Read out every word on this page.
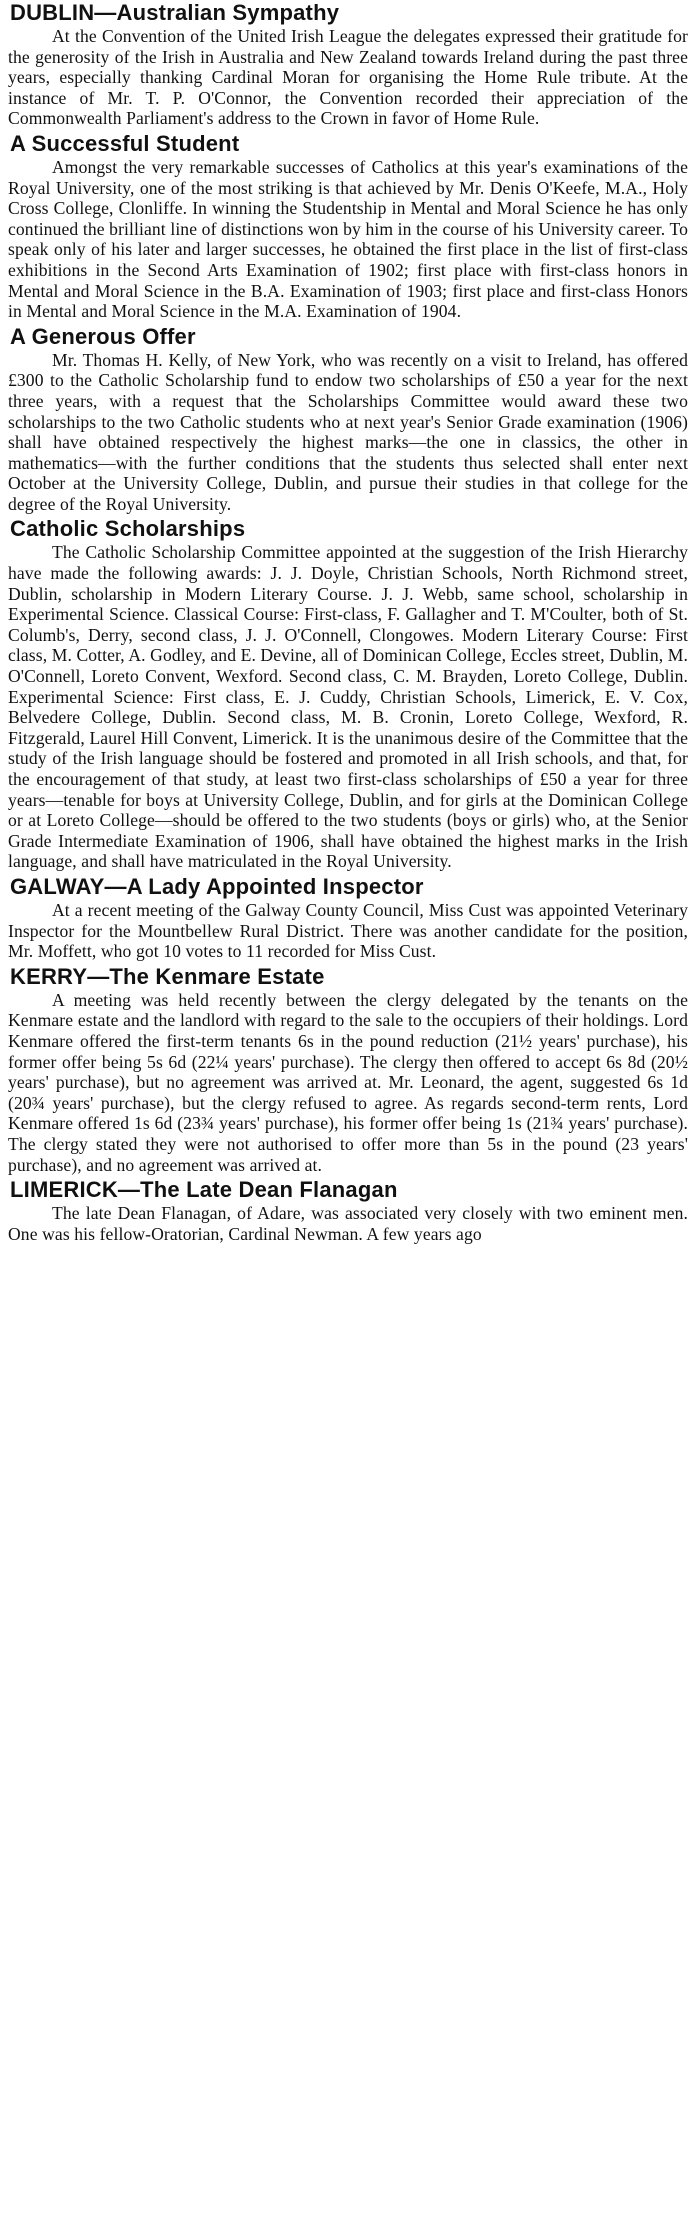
DUBLIN—Australian Sympathy

At the Convention of the United Irish League the delegates expressed their gratitude for the generosity of the Irish in Australia and New Zealand towards Ireland during the past three years, especially thanking Cardinal Moran for organising the Home Rule tribute. At the instance of Mr. T. P. O'Connor, the Convention recorded their appreciation of the Commonwealth Parliament's address to the Crown in favor of Home Rule.

A Successful Student

Amongst the very remarkable successes of Catholics at this year's examinations of the Royal University, one of the most striking is that achieved by Mr. Denis O'Keefe, M.A., Holy Cross College, Clonliffe. In winning the Studentship in Mental and Moral Science he has only continued the brilliant line of distinctions won by him in the course of his University career. To speak only of his later and larger successes, he obtained the first place in the list of first-class exhibitions in the Second Arts Examination of 1902; first place with first-class honors in Mental and Moral Science in the B.A. Examination of 1903; first place and first-class Honors in Mental and Moral Science in the M.A. Examination of 1904.

A Generous Offer

Mr. Thomas H. Kelly, of New York, who was recently on a visit to Ireland, has offered £300 to the Catholic Scholarship fund to endow two scholarships of £50 a year for the next three years, with a request that the Scholarships Committee would award these two scholarships to the two Catholic students who at next year's Senior Grade examination (1906) shall have obtained respectively the highest marks—the one in classics, the other in mathematics—with the further conditions that the students thus selected shall enter next October at the University College, Dublin, and pursue their studies in that college for the degree of the Royal University.

Catholic Scholarships

The Catholic Scholarship Committee appointed at the suggestion of the Irish Hierarchy have made the following awards: J. J. Doyle, Christian Schools, North Richmond street, Dublin, scholarship in Modern Literary Course. J. J. Webb, same school, scholarship in Experimental Science. Classical Course: First-class, F. Gallagher and T. M'Coulter, both of St. Columb's, Derry, second class, J. J. O'Connell, Clongowes. Modern Literary Course: First class, M. Cotter, A. Godley, and E. Devine, all of Dominican College, Eccles street, Dublin, M. O'Connell, Loreto Convent, Wexford. Second class, C. M. Brayden, Loreto College, Dublin. Experimental Science: First class, E. J. Cuddy, Christian Schools, Limerick, E. V. Cox, Belvedere College, Dublin. Second class, M. B. Cronin, Loreto College, Wexford, R. Fitzgerald, Laurel Hill Convent, Limerick. It is the unanimous desire of the Committee that the study of the Irish language should be fostered and promoted in all Irish schools, and that, for the encouragement of that study, at least two first-class scholarships of £50 a year for three years—tenable for boys at University College, Dublin, and for girls at the Dominican College or at Loreto College—should be offered to the two students (boys or girls) who, at the Senior Grade Intermediate Examination of 1906, shall have obtained the highest marks in the Irish language, and shall have matriculated in the Royal University.

GALWAY—A Lady Appointed Inspector

At a recent meeting of the Galway County Council, Miss Cust was appointed Veterinary Inspector for the Mountbellew Rural District. There was another candidate for the position, Mr. Moffett, who got 10 votes to 11 recorded for Miss Cust.

KERRY—The Kenmare Estate

A meeting was held recently between the clergy delegated by the tenants on the Kenmare estate and the landlord with regard to the sale to the occupiers of their holdings. Lord Kenmare offered the first-term tenants 6s in the pound reduction (21½ years' purchase), his former offer being 5s 6d (22¼ years' purchase). The clergy then offered to accept 6s 8d (20½ years' purchase), but no agreement was arrived at. Mr. Leonard, the agent, suggested 6s 1d (20¾ years' purchase), but the clergy refused to agree. As regards second-term rents, Lord Kenmare offered 1s 6d (23¾ years' purchase), his former offer being 1s (21¾ years' purchase). The clergy stated they were not authorised to offer more than 5s in the pound (23 years' purchase), and no agreement was arrived at.

LIMERICK—The Late Dean Flanagan

The late Dean Flanagan, of Adare, was associated very closely with two eminent men. One was his fellow-Oratorian, Cardinal Newman. A few years ago
